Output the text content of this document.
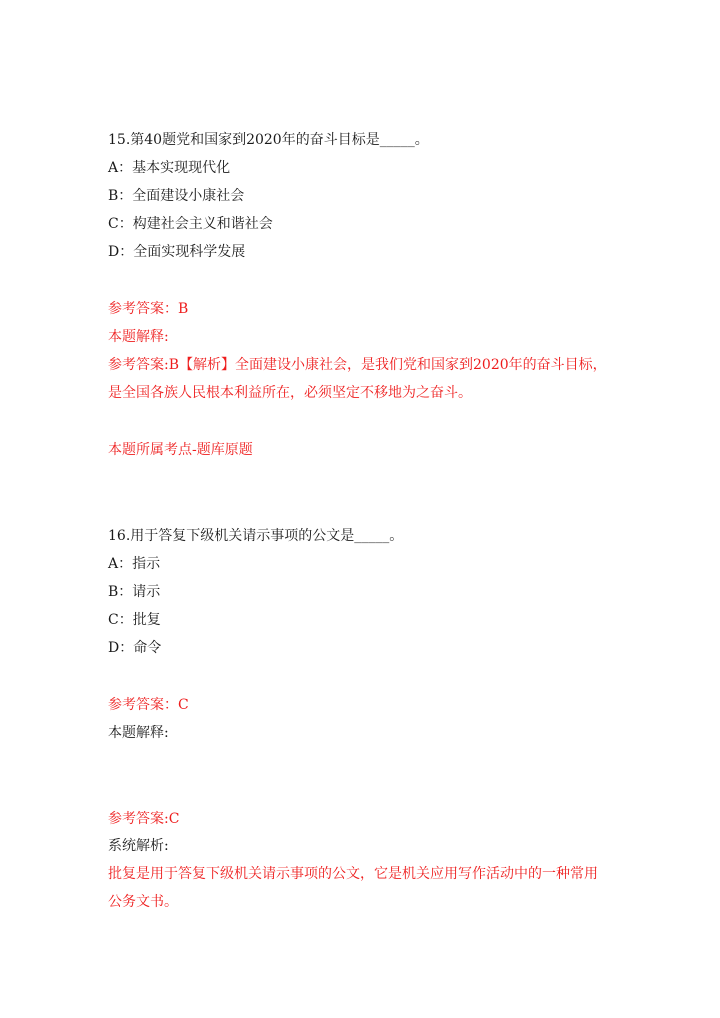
15.第40题党和国家到2020年的奋斗目标是_____。
A：基本实现现代化
B：全面建设小康社会
C：构建社会主义和谐社会
D：全面实现科学发展
参考答案：B
本题解释:
参考答案:B【解析】全面建设小康社会，是我们党和国家到2020年的奋斗目标，是全国各族人民根本利益所在，必须坚定不移地为之奋斗。
本题所属考点-题库原题
16.用于答复下级机关请示事项的公文是_____。
A：指示
B：请示
C：批复
D：命令
参考答案：C
本题解释:
参考答案:C
系统解析:
批复是用于答复下级机关请示事项的公文，它是机关应用写作活动中的一种常用公务文书。
